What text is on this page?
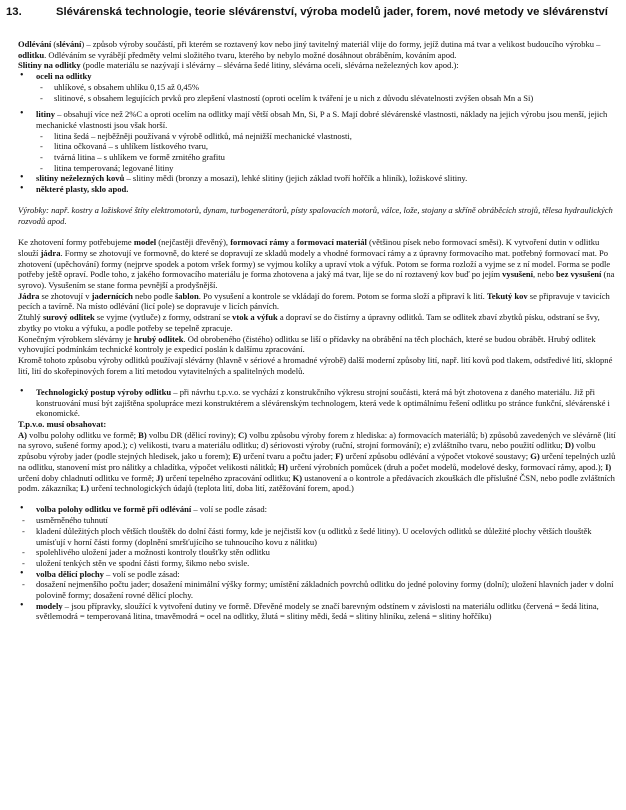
13.	Slévárenská technologie, teorie slévárenství, výroba modelů jader, forem, nové metody ve slévárenství

Odlévání (slévání) – způsob výroby součástí, při kterém se roztavený kov nebo jiný tavitelný materiál vlije do formy, jejíž dutina má tvar a velikost budoucího výrobku – odlitku. Odléváním se vyrábějí předměty velmi složitého tvaru, kterého by nebylo možné dosáhnout obráběním, kováním apod.

Slitiny na odlitky (podle materiálu se nazývají i slévárny – slévárna šedé litiny, slévárna oceli, slévárna neželezných kov apod.):

• oceli na odlitky
- uhlíkové, s obsahem uhlíku 0,15 až 0,45%
- slitinové, s obsahem legujících prvků pro zlepšení vlastností (oproti ocelím k tváření je u nich z důvodu slévatelnosti zvýšen obsah Mn a Si)
• litiny – obsahují více než 2%C a oproti ocelím na odlitky mají větší obsah Mn, Si, P a S. Mají dobré slévárenské vlastnosti, náklady na jejich výrobu jsou menší, jejich mechanické vlastnosti jsou však horší.
- litina šedá – nejběžněji používaná v výrobě odlitků, má nejnižší mechanické vlastnosti,
- litina očkovaná – s uhlíkem lístkového tvaru,
- tvárná litina – s uhlíkem ve formě zrnitého grafitu
- litina temperovaná; legované litiny
• slitiny neželezných kovů – slitiny mědi (bronzy a mosazi), lehké slitiny (jejich základ tvoří hořčík a hliník), ložiskové slitiny.
• některé plasty, sklo apod.

Výrobky: např. kostry a ložiskové štíty elektromotorů, dynam, turbogenerátorů, písty spalovacích motorů, válce, lože, stojany a skříně obráběcích strojů, tělesa hydraulických rozvodů apod.

Ke zhotovení formy potřebujeme model (nejčastěji dřevěný), formovací rámy a formovací materiál (většinou písek nebo formovací směsi). K vytvoření dutin v odlitku slouží jádra. Formy se zhotovují ve formovně, do které se dopravují ze skladů modely a vhodné formovací rámy a z úpravny formovacího mat. potřebný formovací mat. Po zhotovení (upěchování) formy (nejprve spodek a potom vršek formy) se vyjmou kolíky a upraví vtok a výfuk. Potom se forma rozloží a vyjme se z ní model. Forma se podle potřeby ještě opraví. Podle toho, z jakého formovacího materiálu je forma zhotovena a jaký má tvar, lije se do ní roztavený kov buď po jejím vysušení, nebo bez vysušení (na syrovo). Vysušením se stane forma pevnější a prodyšnější.

Jádra se zhotovují v jadernících nebo podle šablon. Po vysušení a kontrole se vkládají do forem. Potom se forma složí a připraví k lití. Tekutý kov se připravuje v tavicích pecích a tavírně. Na místo odlévání (licí pole) se dopravuje v licích pánvích.

Ztuhlý surový odlitek se vyjme (vytluče) z formy, odstraní se vtok a výfuk a dopraví se do čistírny a úpravny odlitků. Tam se odlitek zbaví zbytků písku, odstraní se švy, zbytky po vtoku a výfuku, a podle potřeby se tepelně zpracuje.

Konečným výrobkem slévárny je hrubý odlitek. Od obrobeného (čistého) odlitku se liší o přídavky na obrábění na těch plochách, které se budou obrábět. Hrubý odlitek vyhovující podmínkám technické kontroly je expedicí poslán k dalšímu zpracování.

Kromě tohoto způsobu výroby odlitků používají slévárny (hlavně v sériové a hromadné výrobě) další moderní způsoby lití, např. lití kovů pod tlakem, odstředivé lití, sklopné lití, lití do skořepinových forem a lití metodou vytavitelných a spalitelných modelů.

• Technologický postup výroby odlitku – při návrhu t.p.v.o. se vychází z konstrukčního výkresu strojní součásti, která má být zhotovena z daného materiálu. Již při konstruování musí být zajištěna spolupráce mezi konstruktérem a slévárenským technologem, která vede k optimálnímu řešení odlitku po stránce funkční, slévárenské i ekonomické.

T.p.v.o. musí obsahovat:

A) volbu polohy odlitku ve formě; B) volbu DR (dělicí roviny); C) volbu způsobu výroby forem z hlediska: a) formovacích materiálů; b) způsobů zavedených ve slévárně (lití na syrovo, sušené formy apod.); c) velikosti, tvaru a materiálu odlitku; d) sériovosti výroby (ruční, strojní formování); e) zvláštního tvaru, nebo použití odlitku; D) volbu způsobu výroby jader (podle stejných hledisek, jako u forem); E) určení tvaru a počtu jader; F) určení způsobu odlévání a výpočet vtokové soustavy; G) určení tepelných uzlů na odlitku, stanovení míst pro nálitky a chladítka, výpočet velikosti nálitků; H) určení výrobních pomůcek (druh a počet modelů, modelové desky, formovací rámy, apod.); I) určení doby chladnutí odlitku ve formě; J) určení tepelného zpracování odlitku; K) ustanovení a o kontrole a předávacích zkouškách dle příslušné ČSN, nebo podle zvláštních podm. zákazníka; L) určení technologických údajů (teplota lití, doba lití, zatěžování forem, apod.)

• volba polohy odlitku ve formě při odlévání – volí se podle zásad:
- usměrněného tuhnutí
- kladení důležitých ploch větších tlouštěk do dolní části formy, kde je nejčistší kov (u odlitků z šedé litiny). U ocelových odlitků se důležité plochy větších tlouštěk umísťují v horní části formy (doplnění smršťujícího se tuhnoucího kovu z nálitku)
- spolehlivého uložení jader a možnosti kontroly tloušťky stěn odlitku
- uložení tenkých stěn ve spodní části formy, šikmo nebo svisle.
• volba dělicí plochy – volí se podle zásad:
- dosažení nejmenšího počtu jader; dosažení minimální výšky formy; umístění základních povrchů odlitku do jedné poloviny formy (dolní); uložení hlavních jader v dolní polovině formy; dosažení rovné dělicí plochy.
• modely – jsou přípravky, sloužící k vytvoření dutiny ve formě. Dřevěné modely se značí barevným odstínem v závislosti na materiálu odlitku (červená = šedá litina, světlemodrá = temperovaná litina, tmavěmodrá = ocel na odlitky, žlutá = slitiny mědi, šedá = slitiny hliníku, zelená = slitiny hořčíku)
